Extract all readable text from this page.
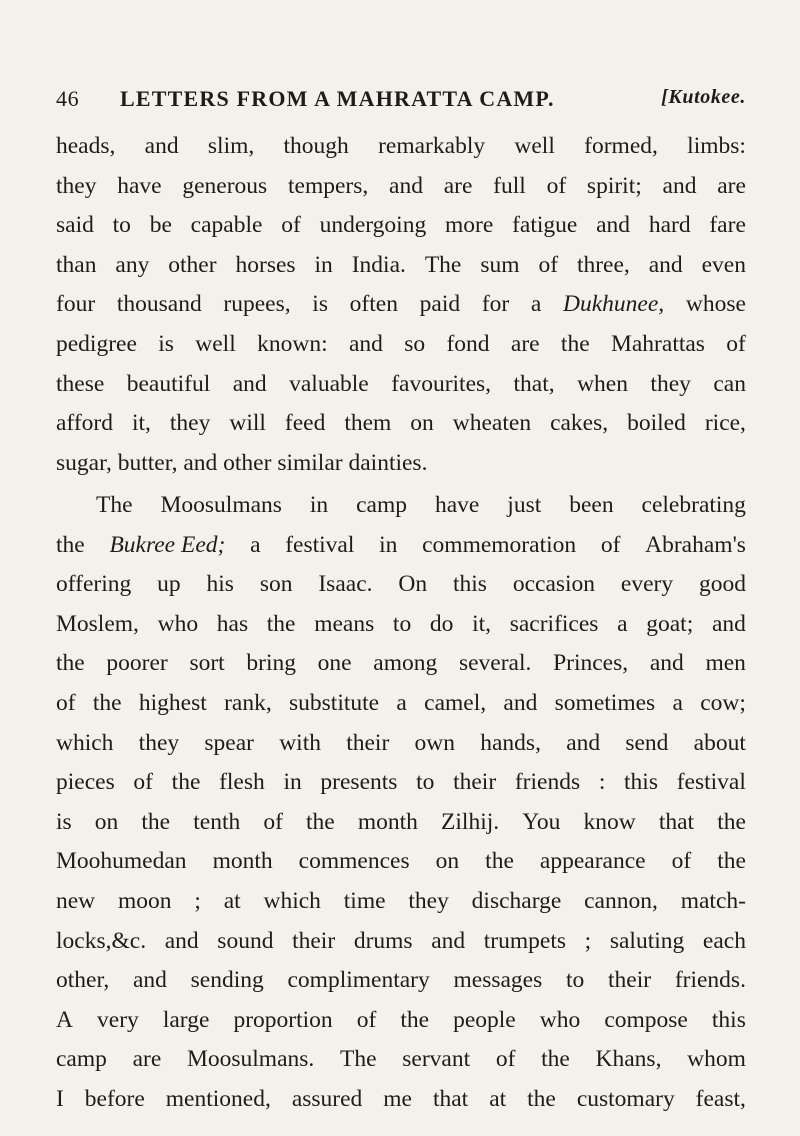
46 LETTERS FROM A MAHRATTA CAMP.	[Kutokee.
heads, and slim, though remarkably well formed, limbs:
they have generous tempers, and are full of spirit; and are
said to be capable of undergoing more fatigue and hard fare
than any other horses in India. The sum of three, and even
four thousand rupees, is often paid for a Dukhunee, whose
pedigree is well known: and so fond are the Mahrattas of
these beautiful and valuable favourites, that, when they can
afford it, they will feed them on wheaten cakes, boiled rice,
sugar,
butter,
and
other
similar
dainties.
The Moosulmans in camp have just been celebrating
the Bukree Eed; a festival in commemoration of Abraham's
offering up his son Isaac. On this occasion every good
Moslem, who has the means to do it, sacrifices a goat; and
the poorer sort bring one among several. Princes, and men
of the highest rank, substitute a camel, and sometimes a cow;
which they spear with their own hands, and send about
pieces of the flesh in presents to their friends : this festival
is on the tenth of the month Zilhij. You know that the
Moohumedan month commences on the appearance of the
new moon ; at which time they discharge cannon, match-
locks,&c. and sound their drums and trumpets ; saluting each
other, and sending complimentary messages to their friends.
A very large proportion of the people who compose this
camp are Moosulmans. The servant of the Khans, whom
I before mentioned, assured me that at the customary feast,
